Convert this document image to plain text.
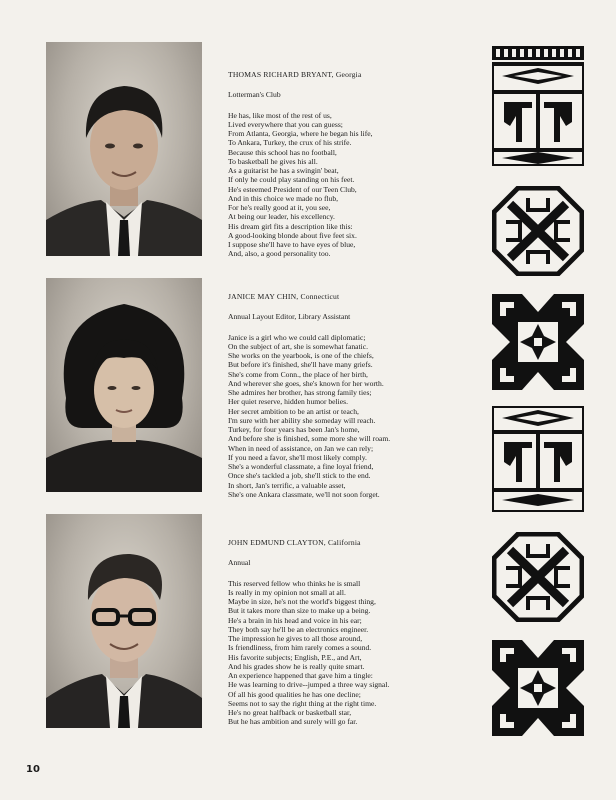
THOMAS RICHARD BRYANT, Georgia
Lotterman's Club
He has, like most of the rest of us,
Lived everywhere that you can guess;
From Atlanta, Georgia, where he began his life,
To Ankara, Turkey, the crux of his strife.
Because this school has no football,
To basketball he gives his all.
As a guitarist he has a swingin' beat,
If only he could play standing on his feet.
He's esteemed President of our Teen Club,
And in this choice we made no flub,
For he's really good at it, you see,
At being our leader, his excellency.
His dream girl fits a description like this:
A good-looking blonde about five feet six.
I suppose she'll have to have eyes of blue,
And, also, a good personality too.
JANICE MAY CHIN, Connecticut
Annual Layout Editor, Library Assistant
Janice is a girl who we could call diplomatic;
On the subject of art, she is somewhat fanatic.
She works on the yearbook, is one of the chiefs,
But before it's finished, she'll have many griefs.
She's come from Conn., the place of her birth,
And wherever she goes, she's known for her worth.
She admires her brother, has strong family ties;
Her quiet reserve, hidden humor belies.
Her secret ambition to be an artist or teach,
I'm sure with her ability she someday will reach.
Turkey, for four years has been Jan's home,
And before she is finished, some more she will roam.
When in need of assistance, on Jan we can rely;
If you need a favor, she'll most likely comply.
She's a wonderful classmate, a fine loyal friend,
Once she's tackled a job, she'll stick to the end.
In short, Jan's terrific, a valuable asset,
She's one Ankara classmate, we'll not soon forget.
JOHN EDMUND CLAYTON, California
Annual
This reserved fellow who thinks he is small
Is really in my opinion not small at all.
Maybe in size, he's not the world's biggest thing,
But it takes more than size to make up a being.
He's a brain in his head and voice in his ear;
They both say he'll be an electronics engineer.
The impression he gives to all those around,
Is friendliness, from him rarely comes a sound.
His favorite subjects; English, P.E., and Art,
And his grades show he is really quite smart.
An experience happened that gave him a tingle:
He was learning to drive--jumped a three way signal.
Of all his good qualities he has one decline;
Seems not to say the right thing at the right time.
He's no great halfback or basketball star,
But he has ambition and surely will go far.
10
